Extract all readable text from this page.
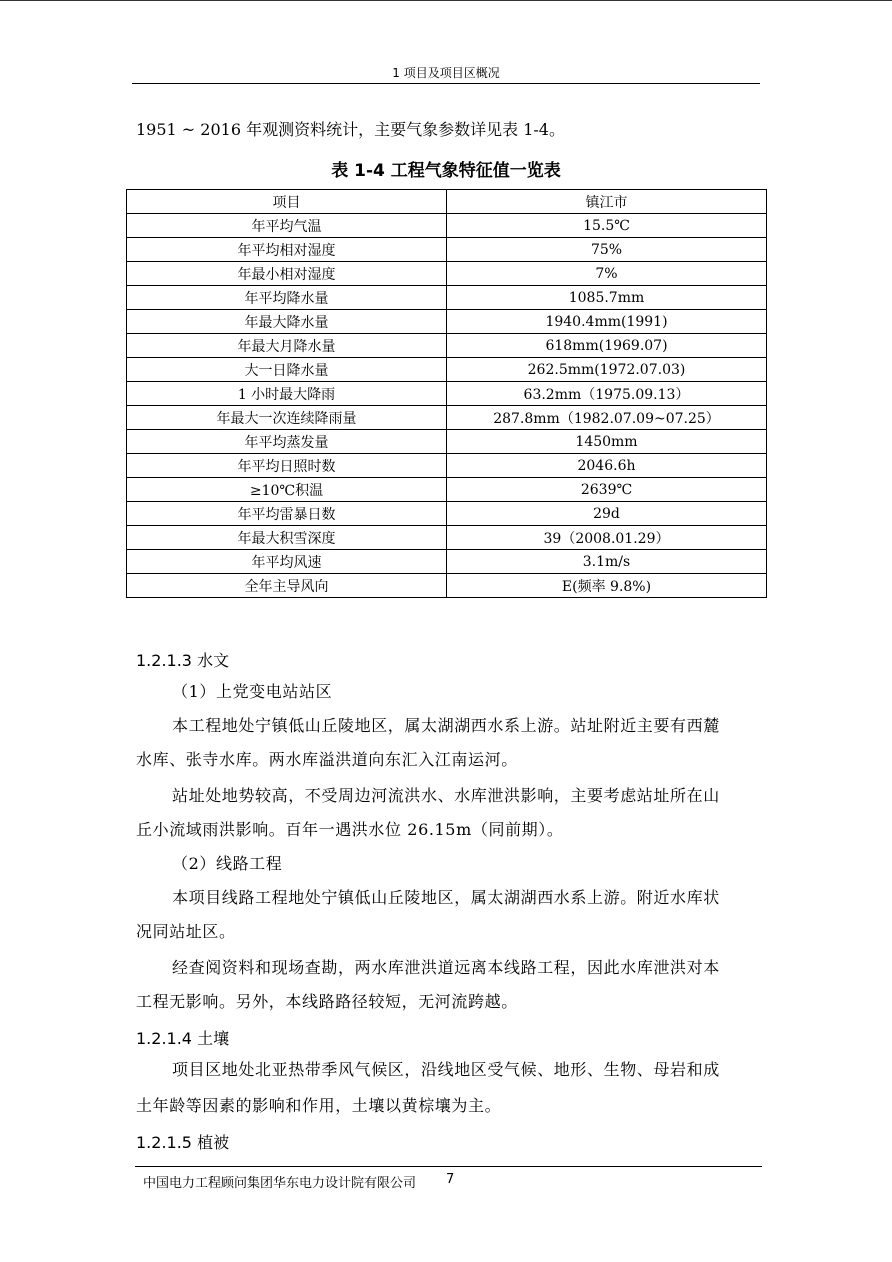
1 项目及项目区概况
1951 ~ 2016 年观测资料统计，主要气象参数详见表 1-4。
表 1-4 工程气象特征值一览表
项目	镇江市
年平均气温	15.5℃
年平均相对湿度	75%
年最小相对湿度	7%
年平均降水量	1085.7mm
年最大降水量	1940.4mm(1991)
年最大月降水量	618mm(1969.07)
大一日降水量	262.5mm(1972.07.03)
1 小时最大降雨	63.2mm（1975.09.13）
年最大一次连续降雨量	287.8mm（1982.07.09~07.25）
年平均蒸发量	1450mm
年平均日照时数	2046.6h
≥10℃积温	2639℃
年平均雷暴日数	29d
年最大积雪深度	39（2008.01.29）
年平均风速	3.1m/s
全年主导风向	E(频率 9.8%)
1.2.1.3 水文
（1）上党变电站站区
本工程地处宁镇低山丘陵地区，属太湖湖西水系上游。站址附近主要有西麓
水库、张寺水库。两水库溢洪道向东汇入江南运河。
站址处地势较高，不受周边河流洪水、水库泄洪影响，主要考虑站址所在山
丘小流域雨洪影响。百年一遇洪水位 26.15m（同前期）。
（2）线路工程
本项目线路工程地处宁镇低山丘陵地区，属太湖湖西水系上游。附近水库状
况同站址区。
经查阅资料和现场查勘，两水库泄洪道远离本线路工程，因此水库泄洪对本
工程无影响。另外，本线路路径较短，无河流跨越。
1.2.1.4 土壤
项目区地处北亚热带季风气候区，沿线地区受气候、地形、生物、母岩和成
土年龄等因素的影响和作用，土壤以黄棕壤为主。
1.2.1.5 植被
中国电力工程顾问集团华东电力设计院有限公司 7
